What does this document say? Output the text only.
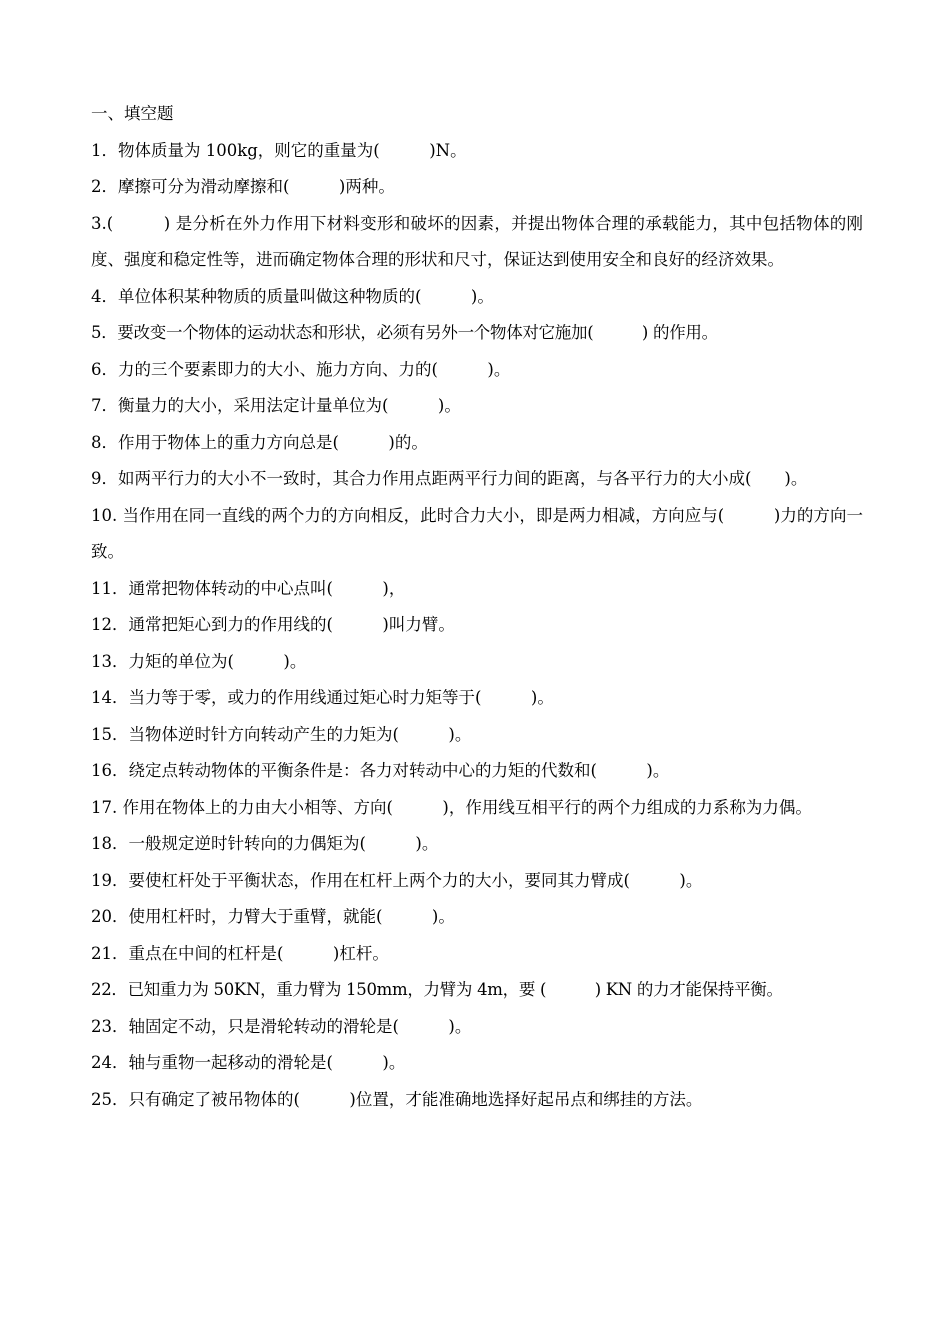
一、填空题
1．物体质量为 100kg，则它的重量为(　　　)N。
2．摩擦可分为滑动摩擦和(　　　)两种。
3.(　　　) 是分析在外力作用下材料变形和破坏的因素，并提出物体合理的承载能力，其中包括物体的刚度、强度和稳定性等，进而确定物体合理的形状和尺寸，保证达到使用安全和良好的经济效果。
4．单位体积某种物质的质量叫做这种物质的(　　　)。
5．要改变一个物体的运动状态和形状，必须有另外一个物体对它施加(　　　) 的作用。
6．力的三个要素即力的大小、施力方向、力的(　　　)。
7．衡量力的大小，采用法定计量单位为(　　　)。
8．作用于物体上的重力方向总是(　　　)的。
9．如两平行力的大小不一致时，其合力作用点距两平行力间的距离，与各平行力的大小成(　　)。
10. 当作用在同一直线的两个力的方向相反，此时合力大小，即是两力相减，方向应与(　　　)力的方向一致。
11．通常把物体转动的中心点叫(　　　)，
12．通常把矩心到力的作用线的(　　　)叫力臂。
13．力矩的单位为(　　　)。
14．当力等于零，或力的作用线通过矩心时力矩等于(　　　)。
15．当物体逆时针方向转动产生的力矩为(　　　)。
16．绕定点转动物体的平衡条件是：各力对转动中心的力矩的代数和(　　　)。
17. 作用在物体上的力由大小相等、方向(　　　)，作用线互相平行的两个力组成的力系称为力偶。
18．一般规定逆时针转向的力偶矩为(　　　)。
19．要使杠杆处于平衡状态，作用在杠杆上两个力的大小，要同其力臂成(　　　)。
20．使用杠杆时，力臂大于重臂，就能(　　　)。
21．重点在中间的杠杆是(　　　)杠杆。
22．已知重力为 50KN，重力臂为 150mm，力臂为 4m，要 (　　　) KN 的力才能保持平衡。
23．轴固定不动，只是滑轮转动的滑轮是(　　　)。
24．轴与重物一起移动的滑轮是(　　　)。
25．只有确定了被吊物体的(　　　)位置，才能准确地选择好起吊点和绑挂的方法。
